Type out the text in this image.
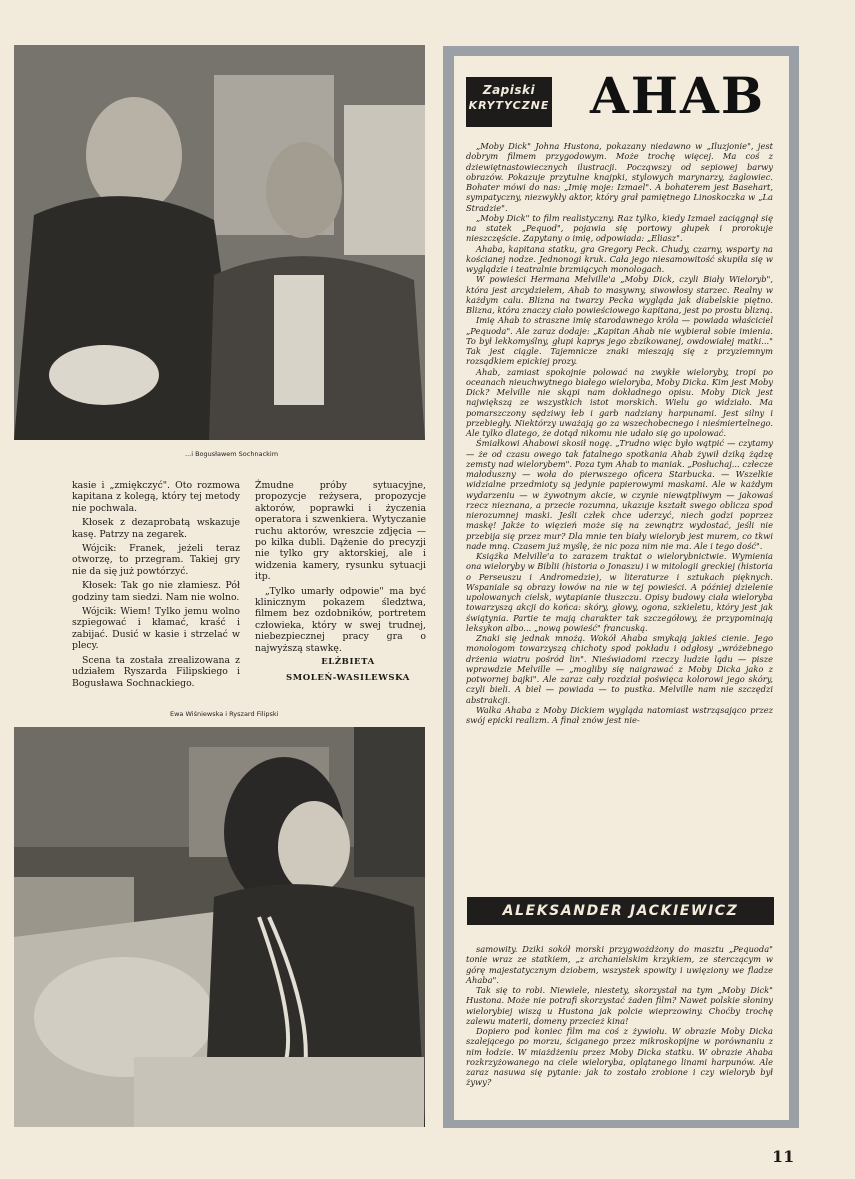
...i Bogusławem Sochnackim

kasie i „zmiękczyć". Oto rozmowa kapitana z kolegą, który tej metody nie pochwala.

Kłosek z dezaprobatą wskazuje kasę. Patrzy na zegarek.

Wójcik: Franek, jeżeli teraz otworzę, to przegram. Takiej gry nie da się już powtórzyć.

Kłosek: Tak go nie złamiesz. Pół godziny tam siedzi. Nam nie wolno.

Wójcik: Wiem! Tylko jemu wolno szpiegować i kłamać, kraść i zabijać. Dusić w kasie i strzelać w plecy.

Scena ta została zrealizowana z udziałem Ryszarda Filipskiego i Bogusława Sochnackiego.

Żmudne próby sytuacyjne, propozycje reżysera, propozycje aktorów, poprawki i życzenia operatora i szwenkiera. Wytyczanie ruchu aktorów, wreszcie zdjęcia — po kilka dubli. Dążenie do precyzji nie tylko gry aktorskiej, ale i widzenia kamery, rysunku sytuacji itp.

„Tylko umarły odpowie" ma być klinicznym pokazem śledztwa, filmem bez ozdobników, portretem człowieka, który w swej trudnej, niebezpiecznej pracy gra o najwyższą stawkę.

ELŻBIETA
SMOLEŃ-WASILEWSKA
Ewa Wiśniewska i Ryszard Filipski
Zapiski
KRYTYCZNE AHAB

„Moby Dick" Johna Hustona, pokazany niedawno w „Iluzjonie", jest dobrym filmem przygodowym. Może trochę więcej. Ma coś z dziewiętnastowiecznych ilustracji. Począwszy od sepiowej barwy obrazów. Pokazuje przytulne knajpki, stylowych marynarzy, żaglowiec. Bohater mówi do nas: „Imię moje: Izmael". A bohaterem jest Basehart, sympatyczny, niezwykły aktor, który grał pamiętnego Linoskoczka w „La Stradzie".

„Moby Dick" to film realistyczny. Raz tylko, kiedy Izmael zaciągnął się na statek „Pequod", pojawia się portowy głupek i prorokuje nieszczęście. Zapytany o imię, odpowiada: „Eliasz".

Ahaba, kapitana statku, gra Gregory Peck. Chudy, czarny, wsparty na kościanej nodze. Jednonogi kruk. Cała jego niesamowitość skupiła się w wyglądzie i teatralnie brzmiących monologach.

W powieści Hermana Melville'a „Moby Dick, czyli Biały Wieloryb", która jest arcydziełem, Ahab to masywny, siwowłosy starzec. Realny w każdym calu. Blizna na twarzy Pecka wygląda jak diabelskie piętno. Blizna, która znaczy ciało powieściowego kapitana, jest po prostu blizną.

Imię Ahab to straszne imię starodawnego króla — powiada właściciel „Pequoda". Ale zaraz dodaje: „Kapitan Ahab nie wybierał sobie imienia. To był lekkomyślny, głupi kaprys jego zbzikowanej, owdowiałej matki..." Tak jest ciągle. Tajemnicze znaki mieszają się z przyziemnym rozsądkiem epickiej prozy.

Ahab, zamiast spokojnie polować na zwykłe wieloryby, tropi po oceanach nieuchwytnego białego wieloryba, Moby Dicka. Kim jest Moby Dick? Melville nie skąpi nam dokładnego opisu. Moby Dick jest największą ze wszystkich istot morskich. Wielu go widziało. Ma pomarszczony sędziwy łeb i garb nadziany harpunami. Jest silny i przebiegły. Niektórzy uważają go za wszechobecnego i nieśmiertelnego. Ale tylko dlatego, że dotąd nikomu nie udało się go upolować.

Śmiałkowi Ahabowi skosił nogę. „Trudno więc było wątpić — czytamy — że od czasu owego tak fatalnego spotkania Ahab żywił dziką żądzę zemsty nad wielorybem". Poza tym Ahab to maniak. „Posłuchaj... człecze małoduszny — woła do pierwszego oficera Starbucka. — Wszelkie widzialne przedmioty są jedynie papierowymi maskami. Ale w każdym wydarzeniu — w żywotnym akcie, w czynie niewątpliwym — jakowaś rzecz nieznana, a przecie rozumna, ukazuje kształt swego oblicza spod nierozumnej maski. Jeśli człek chce uderzyć, niech godzi poprzez maskę! Jakże to więzień może się na zewnątrz wydostać, jeśli nie przebija się przez mur? Dla mnie ten biały wieloryb jest murem, co tkwi nade mną. Czasem już myślę, że nic poza nim nie ma. Ale i tego dość".

Książka Melville'a to zarazem traktat o wielorybnictwie. Wymienia ona wieloryby w Biblii (historia o Jonaszu) i w mitologii greckiej (historia o Perseuszu i Andromedzie), w literaturze i sztukach pięknych. Wspaniale są obrazy łowów na nie w tej powieści. A później dzielenie upolowanych cielsk, wytapianie tłuszczu. Opisy budowy ciała wieloryba towarzyszą akcji do końca: skóry, głowy, ogona, szkieletu, który jest jak świątynia. Partie te mają charakter tak szczegółowy, że przypominają leksykon albo... „nową powieść" francuską.

Znaki się jednak mnożą. Wokół Ahaba smykają jakieś cienie. Jego monologom towarzyszą chichoty spod pokładu i odgłosy „wróżebnego drżenia wiatru pośród lin". Nieświadomi rzeczy ludzie lądu — pisze wprawdzie Melville — „mogliby się naigrawać z Moby Dicka jako z potwornej bajki". Ale zaraz cały rozdział poświęca kolorowi jego skóry, czyli bieli. A biel — powiada — to pustka. Melville nam nie szczędzi abstrakcji.

Walka Ahaba z Moby Dickiem wygląda natomiast wstrząsająco przez swój epicki realizm. A finał znów jest nie-

ALEKSANDER JACKIEWICZ

samowity. Dziki sokół morski przygwożdżony do masztu „Pequoda" tonie wraz ze statkiem, „z archanielskim krzykiem, ze sterczącym w górę majestatycznym dziobem, wszystek spowity i uwięziony we fladze Ahaba".

Tak się to robi. Niewiele, niestety, skorzystał na tym „Moby Dick" Hustona. Może nie potrafi skorzystać żaden film? Nawet polskie słoniny wielorybiej wiszą u Hustona jak polcie wieprzowiny. Choćby trochę zalewu materii, domeny przecież kina!

Dopiero pod koniec film ma coś z żywiołu. W obrazie Moby Dicka szalejącego po morzu, ściganego przez mikroskopijne w porównaniu z nim łodzie. W miażdżeniu przez Moby Dicka statku. W obrazie Ahaba rozkrzyżowanego na ciele wieloryba, oplątanego linami harpunów. Ale zaraz nasuwa się pytanie: jak to zostało zrobione i czy wieloryb był żywy?

11
